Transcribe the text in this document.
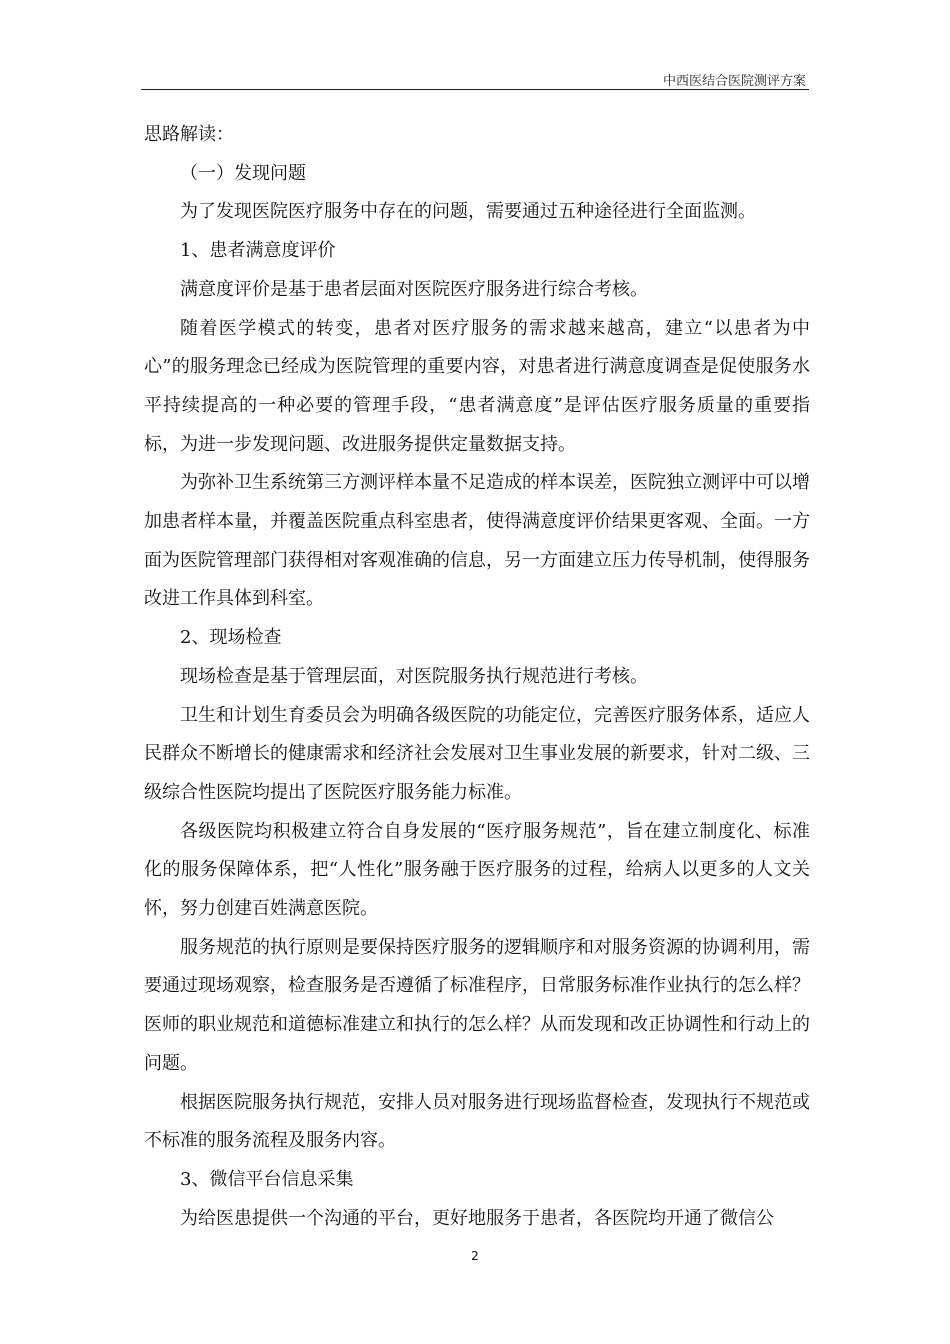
中西医结合医院测评方案

思路解读：

（一）发现问题

为了发现医院医疗服务中存在的问题，需要通过五种途径进行全面监测。

1、患者满意度评价

满意度评价是基于患者层面对医院医疗服务进行综合考核。

随着医学模式的转变，患者对医疗服务的需求越来越高，建立“以患者为中心”的服务理念已经成为医院管理的重要内容，对患者进行满意度调查是促使服务水平持续提高的一种必要的管理手段，“患者满意度”是评估医疗服务质量的重要指标，为进一步发现问题、改进服务提供定量数据支持。

为弥补卫生系统第三方测评样本量不足造成的样本误差，医院独立测评中可以增加患者样本量，并覆盖医院重点科室患者，使得满意度评价结果更客观、全面。一方面为医院管理部门获得相对客观准确的信息，另一方面建立压力传导机制，使得服务改进工作具体到科室。

2、现场检查

现场检查是基于管理层面，对医院服务执行规范进行考核。

卫生和计划生育委员会为明确各级医院的功能定位，完善医疗服务体系，适应人民群众不断增长的健康需求和经济社会发展对卫生事业发展的新要求，针对二级、三级综合性医院均提出了医院医疗服务能力标准。

各级医院均积极建立符合自身发展的“医疗服务规范”，旨在建立制度化、标准化的服务保障体系，把“人性化”服务融于医疗服务的过程，给病人以更多的人文关怀，努力创建百姓满意医院。

服务规范的执行原则是要保持医疗服务的逻辑顺序和对服务资源的协调利用，需要通过现场观察，检查服务是否遵循了标准程序，日常服务标准作业执行的怎么样？医师的职业规范和道德标准建立和执行的怎么样？从而发现和改正协调性和行动上的问题。

根据医院服务执行规范，安排人员对服务进行现场监督检查，发现执行不规范或不标准的服务流程及服务内容。

3、微信平台信息采集

为给医患提供一个沟通的平台，更好地服务于患者，各医院均开通了微信公

2
